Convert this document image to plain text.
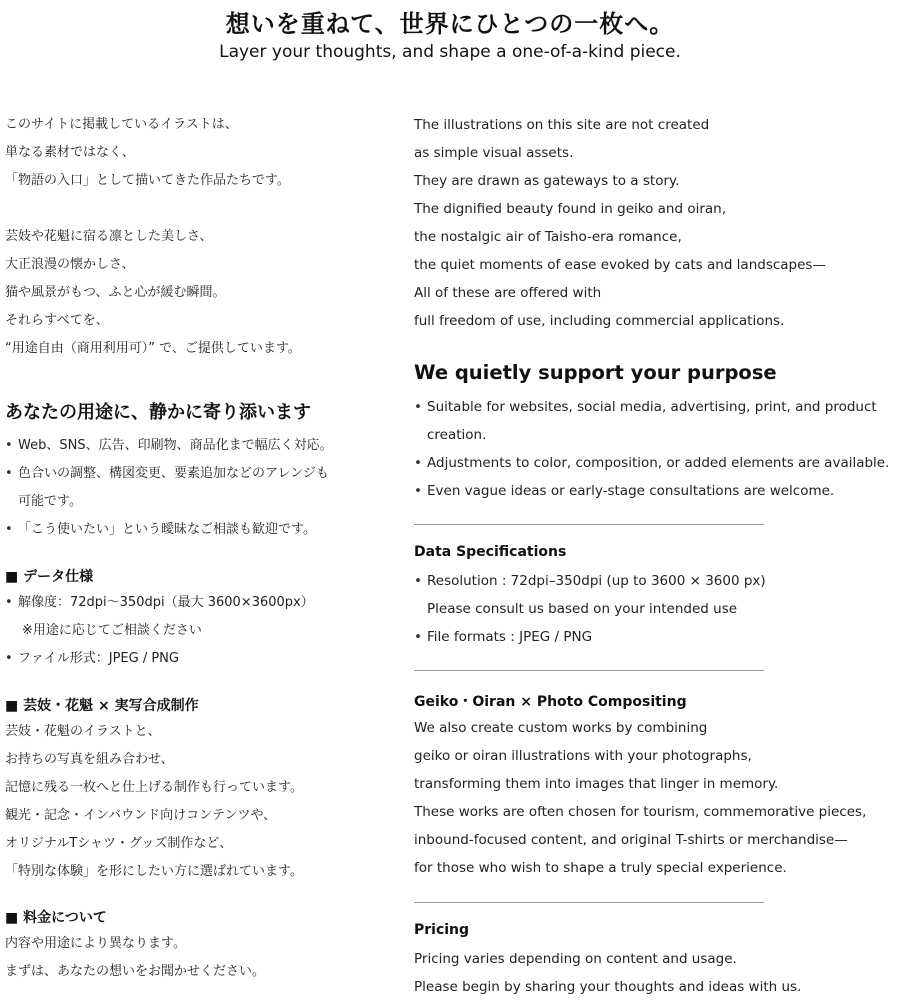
想いを重ねて、世界にひとつの一枚へ。

Layer your thoughts, and shape a one-of-a-kind piece.

このサイトに掲載しているイラストは、
単なる素材ではなく、
「物語の入口」として描いてきた作品たちです。
芸妓や花魁に宿る凛とした美しさ、
大正浪漫の懐かしさ、
猫や風景がもつ、ふと心が緩む瞬間。
それらすべてを、
“用途自由（商用利用可）” で、ご提供しています。
あなたの用途に、静かに寄り添います
• Web、SNS、広告、印刷物、商品化まで幅広く対応。
• 色合いの調整、構図変更、要素追加などのアレンジも
可能です。
• 「こう使いたい」という曖昧なご相談も歓迎です。
■ データ仕様
• 解像度：72dpi～350dpi（最大 3600×3600px）
※用途に応じてご相談ください
• ファイル形式：JPEG / PNG
■ 芸妓・花魁 × 実写合成制作
芸妓・花魁のイラストと、
お持ちの写真を組み合わせ、
記憶に残る一枚へと仕上げる制作も行っています。
観光・記念・インバウンド向けコンテンツや、
オリジナルTシャツ・グッズ制作など、
「特別な体験」を形にしたい方に選ばれています。
■ 料金について
内容や用途により異なります。
まずは、あなたの想いをお聞かせください。
The illustrations on this site are not created
as simple visual assets.
They are drawn as gateways to a story.
The dignified beauty found in geiko and oiran,
the nostalgic air of Taisho-era romance,
the quiet moments of ease evoked by cats and landscapes—
All of these are offered with
full freedom of use, including commercial applications.
We quietly support your purpose
• Suitable for websites, social media, advertising, print, and product
creation.
• Adjustments to color, composition, or added elements are available.
• Even vague ideas or early-stage consultations are welcome.
Data Specifications
• Resolution : 72dpi–350dpi (up to 3600 × 3600 px)
Please consult us based on your intended use
• File formats : JPEG / PNG
Geiko・Oiran × Photo Compositing
We also create custom works by combining
geiko or oiran illustrations with your photographs,
transforming them into images that linger in memory.
These works are often chosen for tourism, commemorative pieces,
inbound-focused content, and original T-shirts or merchandise—
for those who wish to shape a truly special experience.
Pricing
Pricing varies depending on content and usage.
Please begin by sharing your thoughts and ideas with us.
